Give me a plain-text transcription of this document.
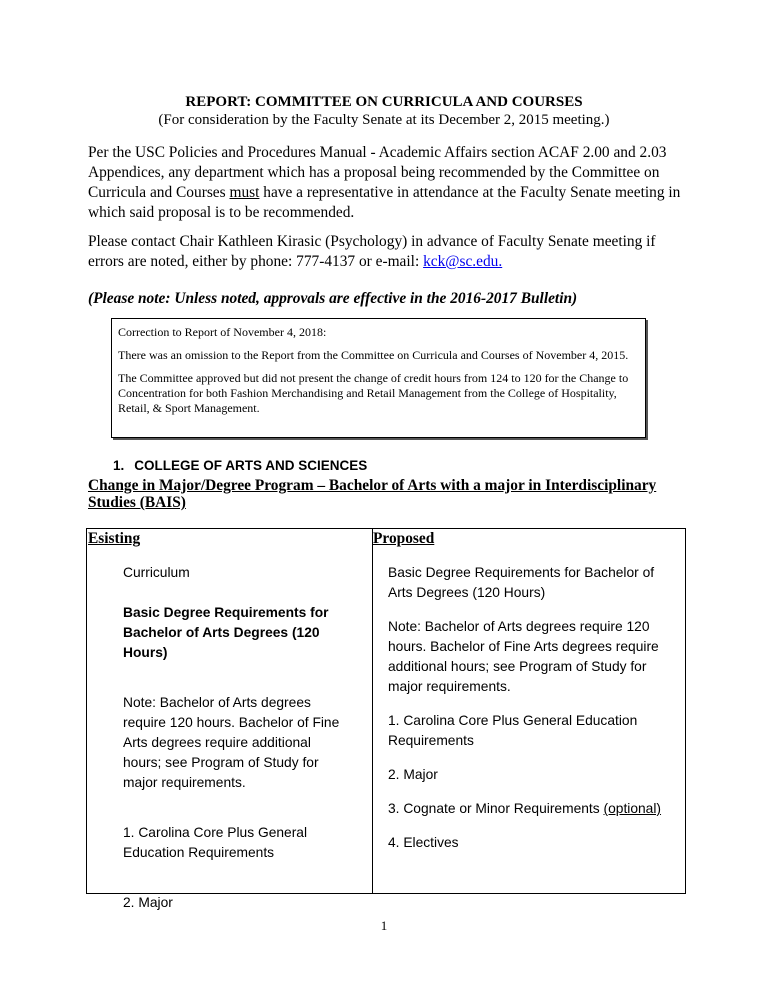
REPORT: COMMITTEE ON CURRICULA AND COURSES
(For consideration by the Faculty Senate at its December 2, 2015 meeting.)
Per the USC Policies and Procedures Manual - Academic Affairs section ACAF 2.00 and 2.03 Appendices, any department which has a proposal being recommended by the Committee on Curricula and Courses must have a representative in attendance at the Faculty Senate meeting in which said proposal is to be recommended.
Please contact Chair Kathleen Kirasic (Psychology) in advance of Faculty Senate meeting if errors are noted, either by phone: 777-4137 or e-mail: kck@sc.edu.
(Please note: Unless noted, approvals are effective in the 2016-2017 Bulletin)

Correction to Report of November 4, 2018:

There was an omission to the Report from the Committee on Curricula and Courses of November 4, 2015.

The Committee approved but did not present the change of credit hours from 124 to 120 for the Change to Concentration for both Fashion Merchandising and Retail Management from the College of Hospitality, Retail, & Sport Management.

1. COLLEGE OF ARTS AND SCIENCES
Change in Major/Degree Program – Bachelor of Arts with a major in Interdisciplinary Studies (BAIS)
Esisting	Proposed

Curriculum

Basic Degree Requirements for Bachelor of Arts Degrees (120 Hours)

Note: Bachelor of Arts degrees require 120 hours. Bachelor of Fine Arts degrees require additional hours; see Program of Study for major requirements.

1. Carolina Core Plus General Education Requirements

2. Major

Basic Degree Requirements for Bachelor of Arts Degrees (120 Hours)

Note: Bachelor of Arts degrees require 120 hours. Bachelor of Fine Arts degrees require additional hours; see Program of Study for major requirements.

1. Carolina Core Plus General Education Requirements

2. Major

3. Cognate or Minor Requirements (optional)

4. Electives

1
